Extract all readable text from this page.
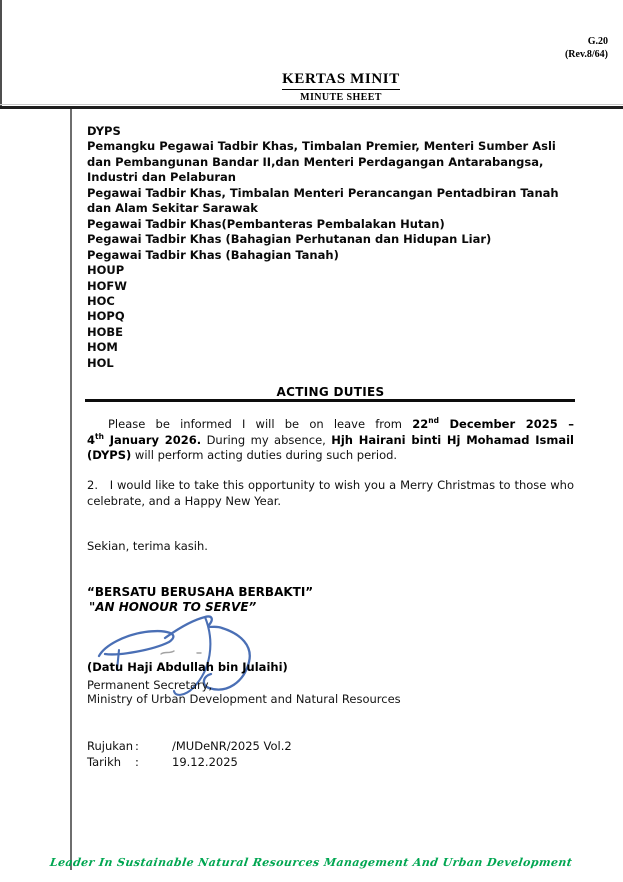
G.20
(Rev.8/64)
KERTAS MINIT
MINUTE SHEET
DYPS
Pemangku Pegawai Tadbir Khas, Timbalan Premier, Menteri Sumber Asli
dan Pembangunan Bandar II,dan Menteri Perdagangan Antarabangsa,
Industri dan Pelaburan
Pegawai Tadbir Khas, Timbalan Menteri Perancangan Pentadbiran Tanah
dan Alam Sekitar Sarawak
Pegawai Tadbir Khas(Pembanteras Pembalakan Hutan)
Pegawai Tadbir Khas (Bahagian Perhutanan dan Hidupan Liar)
Pegawai Tadbir Khas (Bahagian Tanah)
HOUP
HOFW
HOC
HOPQ
HOBE
HOM
HOL
ACTING DUTIES
Please be informed I will be on leave from 22nd December 2025 –
4th January 2026. During my absence, Hjh Hairani binti Hj Mohamad Ismail
(DYPS) will perform acting duties during such period.
2.   I would like to take this opportunity to wish you a Merry Christmas to those who
celebrate, and a Happy New Year.
Sekian, terima kasih.
“BERSATU BERUSAHA BERBAKTI”
"AN HONOUR TO SERVE”
(Datu Haji Abdullah bin Julaihi)
Permanent Secretary,
Ministry of Urban Development and Natural Resources
Rujukan :	/MUDeNR/2025 Vol.2
Tarikh	:	19.12.2025
Leader In Sustainable Natural Resources Management And Urban Development
